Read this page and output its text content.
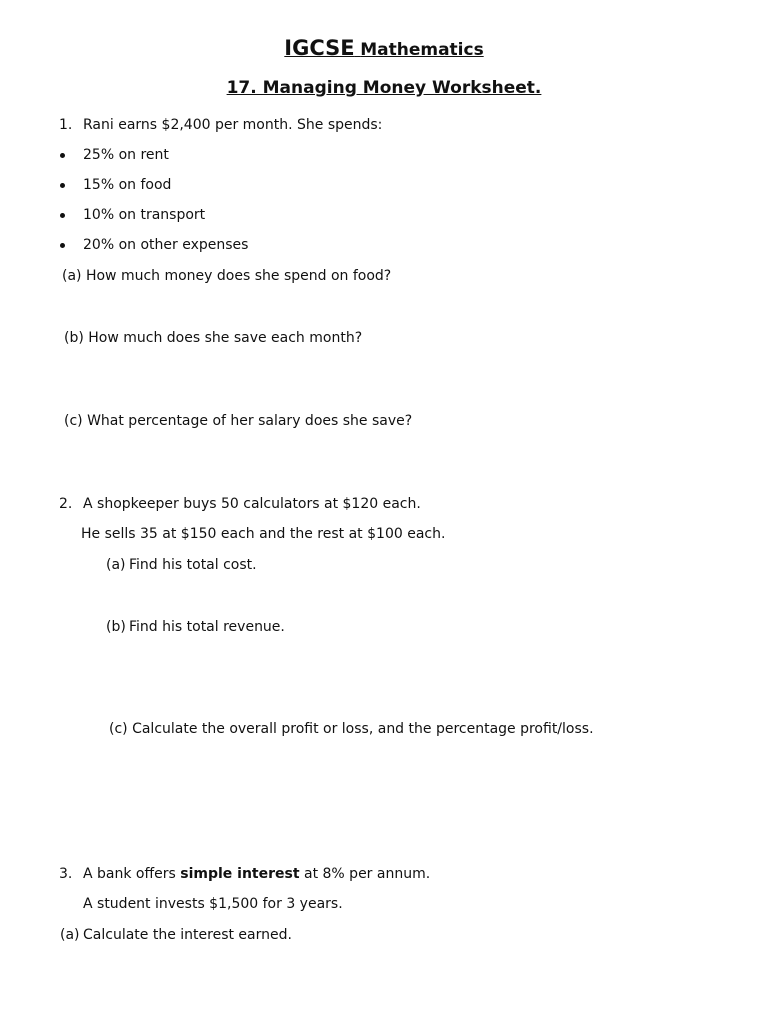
IGCSE Mathematics
17. Managing Money Worksheet.
1. Rani earns $2,400 per month. She spends:
25% on rent
15% on food
10% on transport
20% on other expenses
(a) How much money does she spend on food?
(b) How much does she save each month?
(c) What percentage of her salary does she save?
2. A shopkeeper buys 50 calculators at $120 each.
He sells 35 at $150 each and the rest at $100 each.
(a) Find his total cost.
(b) Find his total revenue.
(c) Calculate the overall profit or loss, and the percentage profit/loss.
3. A bank offers simple interest at 8% per annum.
A student invests $1,500 for 3 years.
(a) Calculate the interest earned.
